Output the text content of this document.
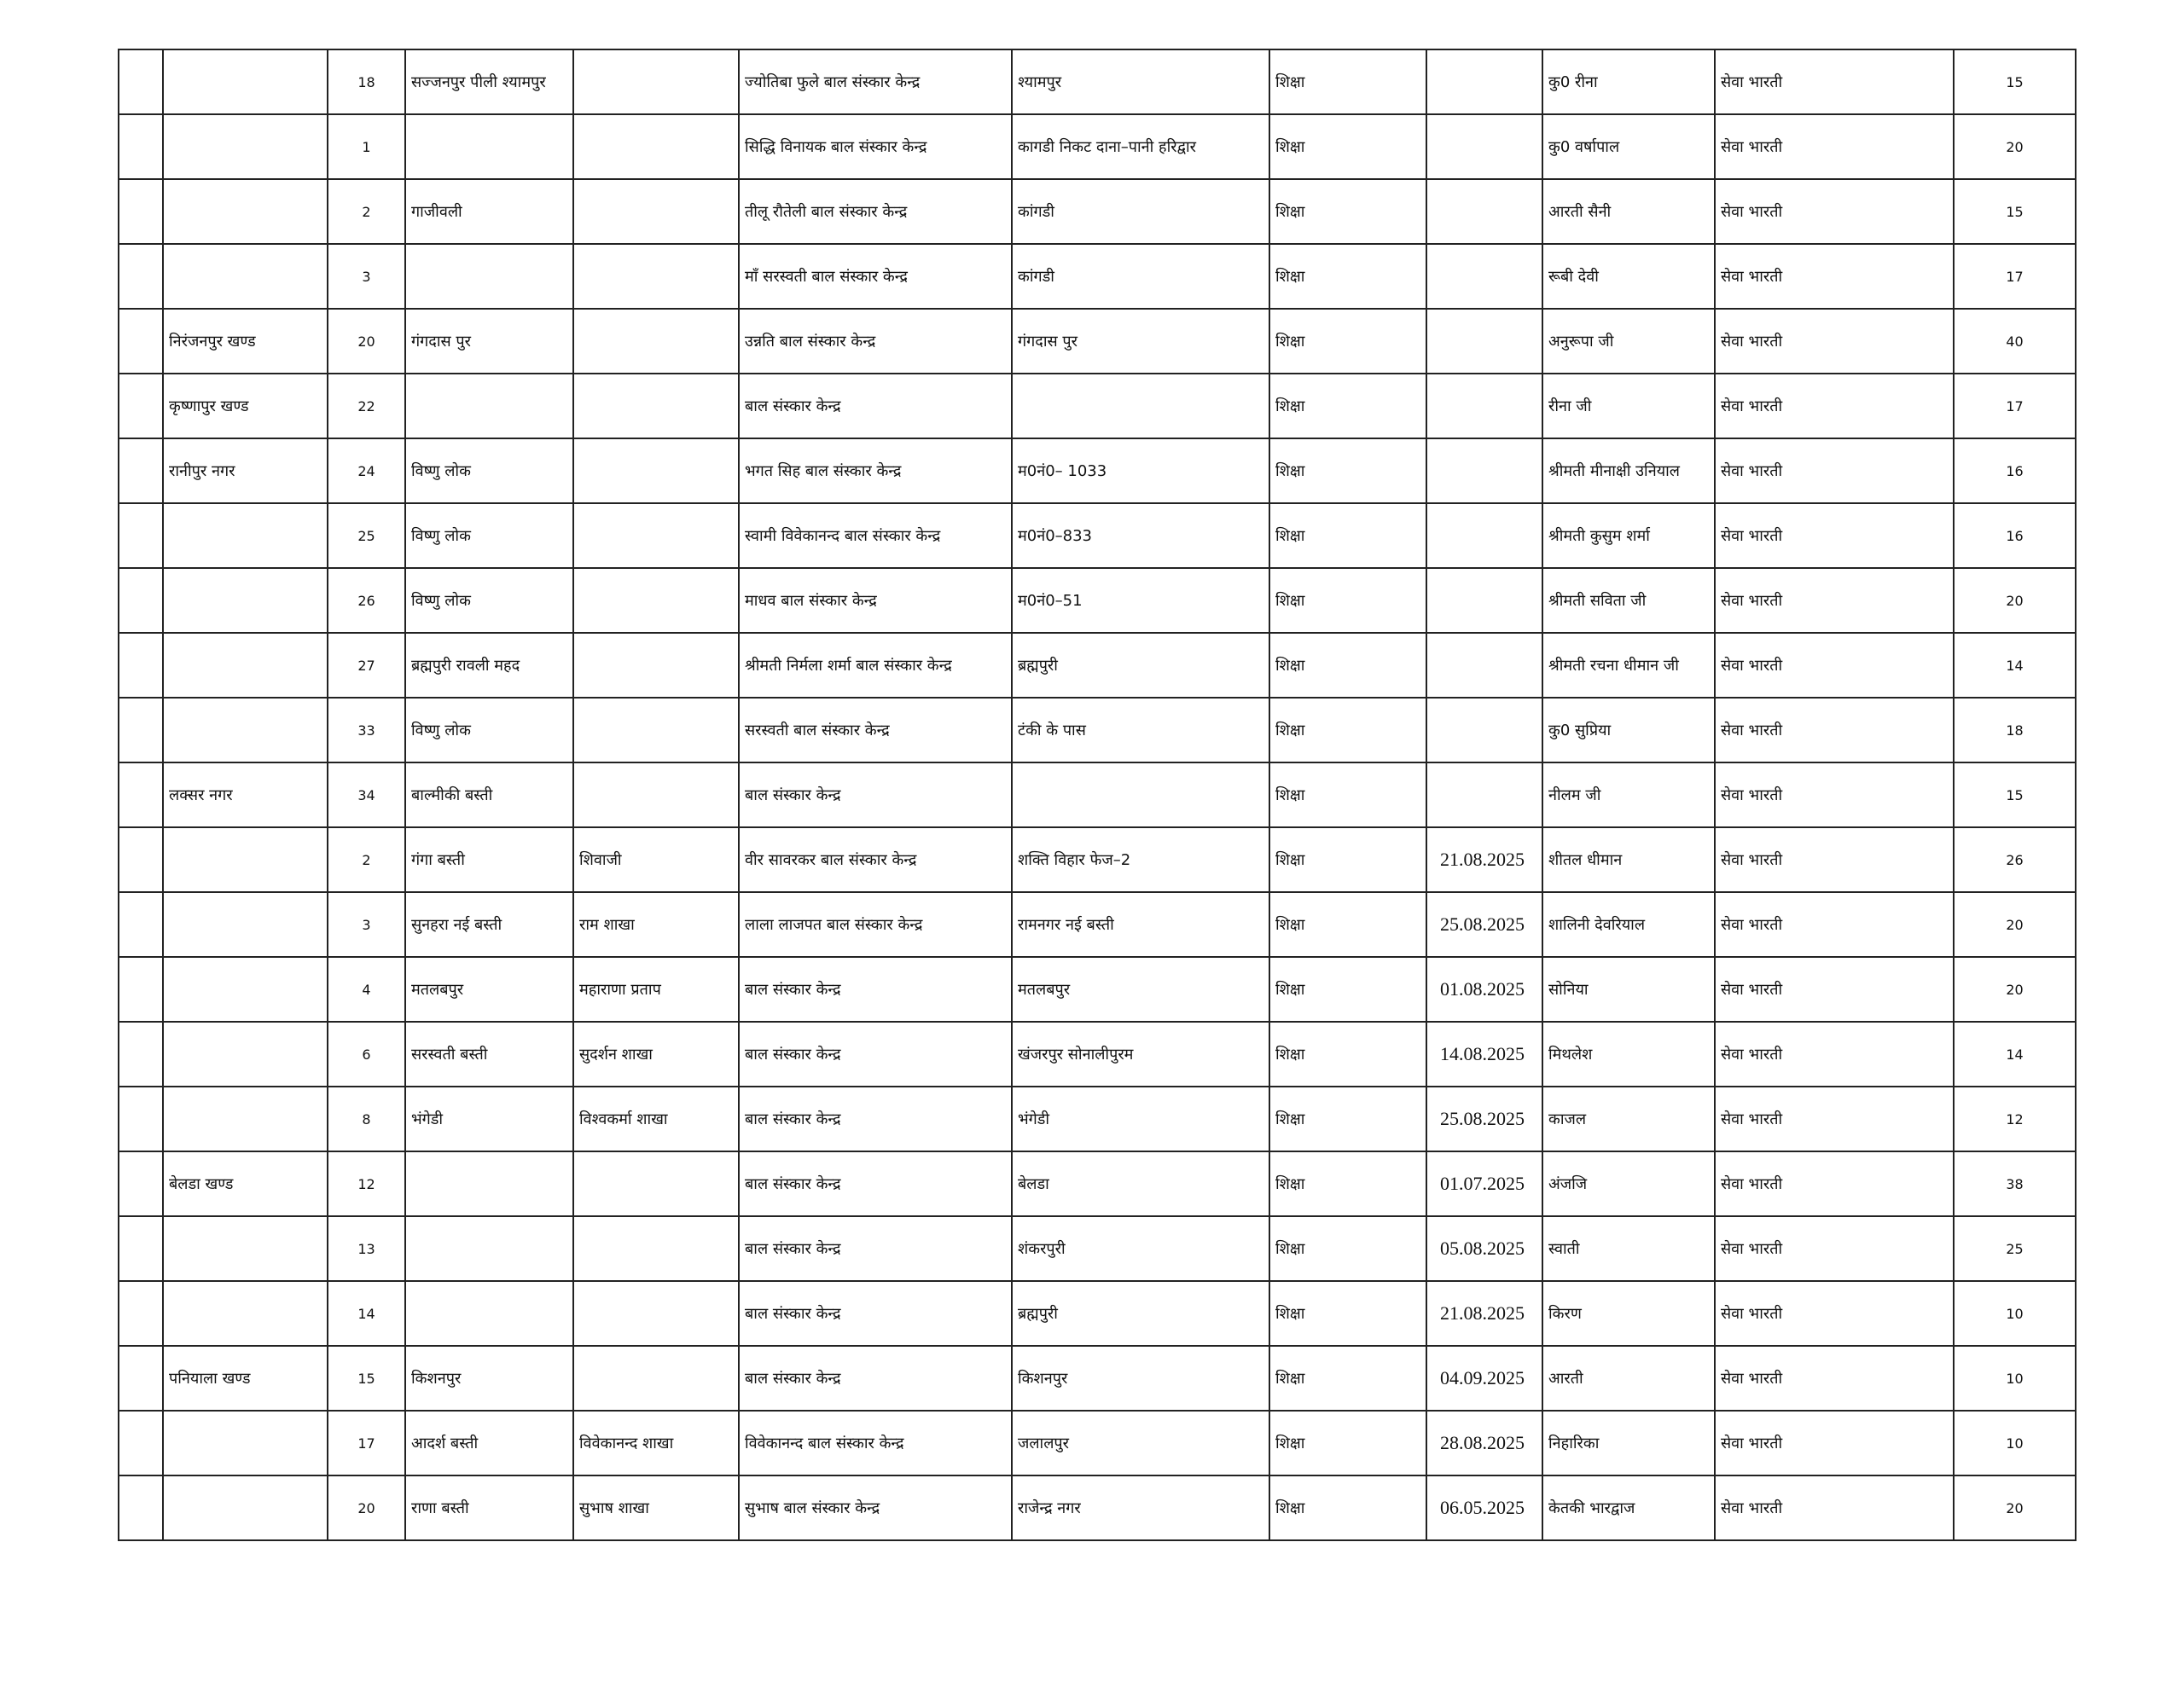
		18	सज्जनपुर पीली श्यामपुर		ज्योतिबा फुले बाल संस्कार केन्द्र	श्यामपुर	शिक्षा		कु0 रीना	सेवा भारती	15
		1			सिद्धि विनायक बाल संस्कार केन्द्र	कागडी निकट दाना–पानी हरिद्वार	शिक्षा		कु0 वर्षापाल	सेवा भारती	20
		2	गाजीवली		तीलू रौतेली बाल संस्कार केन्द्र	कांगडी	शिक्षा		आरती सैनी	सेवा भारती	15
		3			माँ सरस्वती बाल संस्कार केन्द्र	कांगडी	शिक्षा		रूबी देवी	सेवा भारती	17
	निरंजनपुर खण्ड	20	गंगदास पुर		उन्नति बाल संस्कार केन्द्र	गंगदास पुर	शिक्षा		अनुरूपा जी	सेवा भारती	40
	कृष्णापुर खण्ड	22			बाल संस्कार केन्द्र		शिक्षा		रीना जी	सेवा भारती	17
	रानीपुर नगर	24	विष्णु लोक		भगत सिह बाल संस्कार केन्द्र	म0नं0– 1033	शिक्षा		श्रीमती मीनाक्षी उनियाल	सेवा भारती	16
		25	विष्णु लोक		स्वामी विवेकानन्द बाल संस्कार केन्द्र	म0नं0–833	शिक्षा		श्रीमती कुसुम शर्मा	सेवा भारती	16
		26	विष्णु लोक		माधव बाल संस्कार केन्द्र	म0नं0–51	शिक्षा		श्रीमती सविता जी	सेवा भारती	20
		27	ब्रह्मपुरी रावली महद		श्रीमती निर्मला शर्मा बाल संस्कार केन्द्र	ब्रह्मपुरी	शिक्षा		श्रीमती रचना धीमान जी	सेवा भारती	14
		33	विष्णु लोक		सरस्वती बाल संस्कार केन्द्र	टंकी के पास	शिक्षा		कु0 सुप्रिया	सेवा भारती	18
	लक्सर नगर	34	बाल्मीकी बस्ती		बाल संस्कार केन्द्र		शिक्षा		नीलम जी	सेवा भारती	15
		2	गंगा बस्ती	शिवाजी	वीर सावरकर बाल संस्कार केन्द्र	शक्ति विहार फेज–2	शिक्षा	21.08.2025	शीतल धीमान	सेवा भारती	26
		3	सुनहरा नई बस्ती	राम शाखा	लाला लाजपत बाल संस्कार केन्द्र	रामनगर नई बस्ती	शिक्षा	25.08.2025	शालिनी देवरियाल	सेवा भारती	20
		4	मतलबपुर	महाराणा प्रताप	बाल संस्कार केन्द्र	मतलबपुर	शिक्षा	01.08.2025	सोनिया	सेवा भारती	20
		6	सरस्वती बस्ती	सुदर्शन शाखा	बाल संस्कार केन्द्र	खंजरपुर सोनालीपुरम	शिक्षा	14.08.2025	मिथलेश	सेवा भारती	14
		8	भंगेडी	विश्वकर्मा शाखा	बाल संस्कार केन्द्र	भंगेडी	शिक्षा	25.08.2025	काजल	सेवा भारती	12
	बेलडा खण्ड	12			बाल संस्कार केन्द्र	बेलडा	शिक्षा	01.07.2025	अंजजि	सेवा भारती	38
		13			बाल संस्कार केन्द्र	शंकरपुरी	शिक्षा	05.08.2025	स्वाती	सेवा भारती	25
		14			बाल संस्कार केन्द्र	ब्रह्मपुरी	शिक्षा	21.08.2025	किरण	सेवा भारती	10
	पनियाला खण्ड	15	किशनपुर		बाल संस्कार केन्द्र	किशनपुर	शिक्षा	04.09.2025	आरती	सेवा भारती	10
		17	आदर्श बस्ती	विवेकानन्द शाखा	विवेकानन्द बाल संस्कार केन्द्र	जलालपुर	शिक्षा	28.08.2025	निहारिका	सेवा भारती	10
		20	राणा बस्ती	सुभाष शाखा	सुभाष बाल संस्कार केन्द्र	राजेन्द्र नगर	शिक्षा	06.05.2025	केतकी भारद्वाज	सेवा भारती	20
